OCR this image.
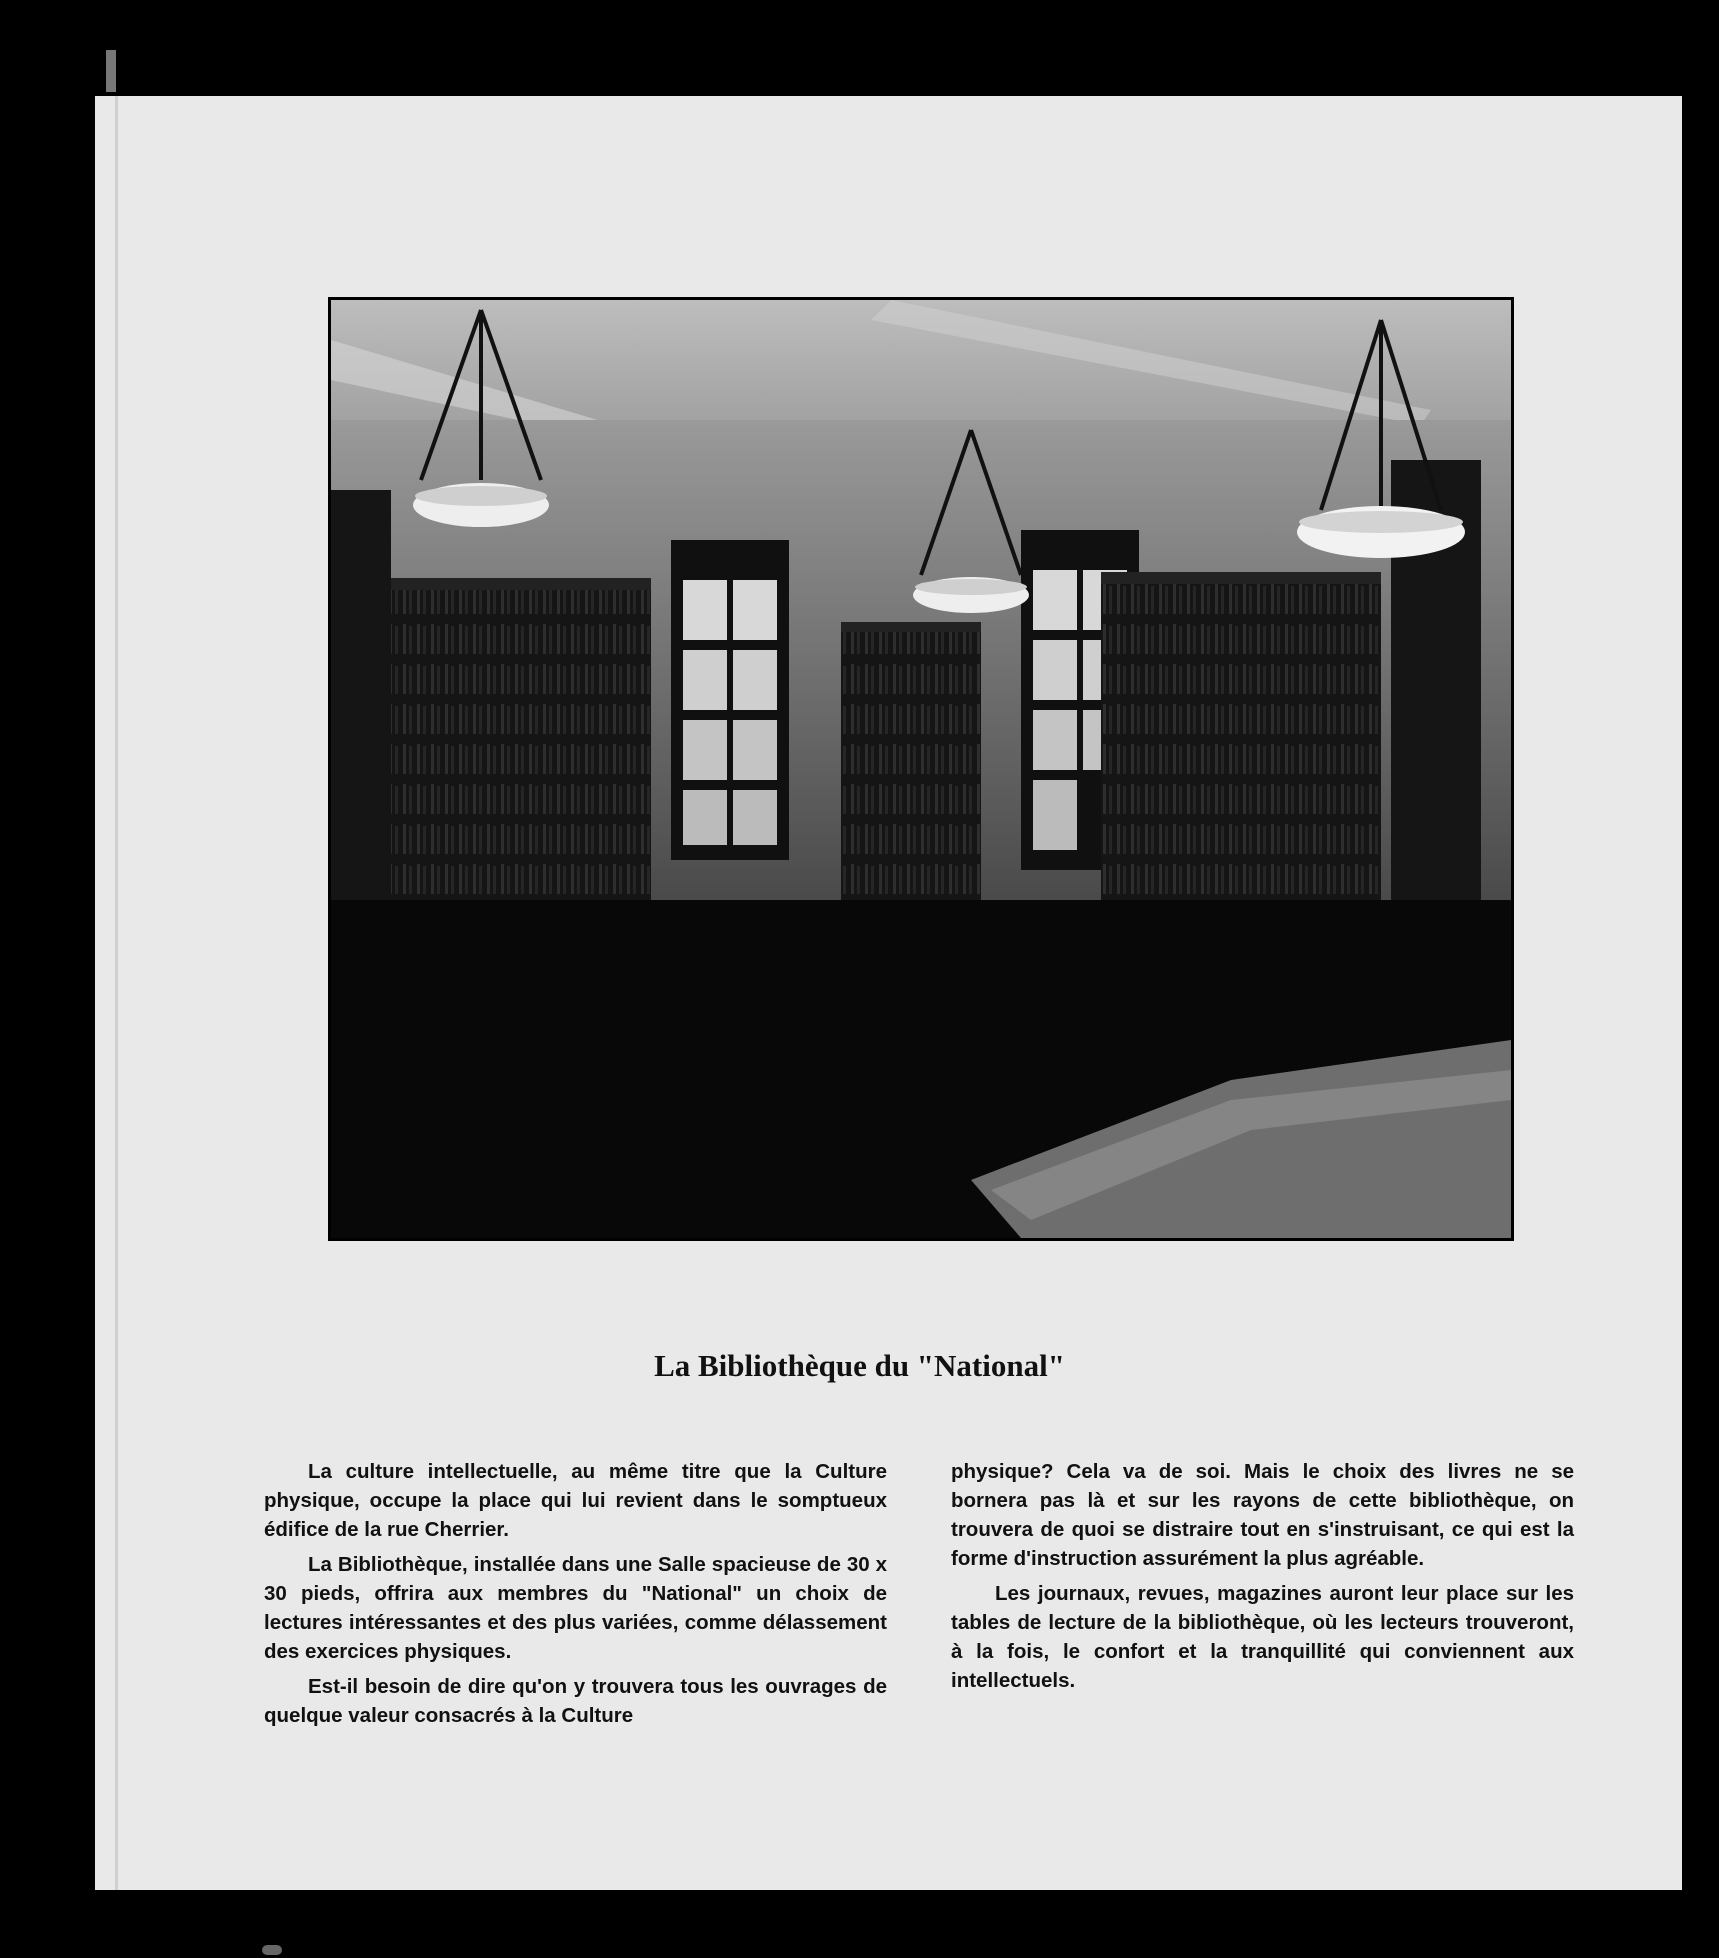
La Bibliothèque du "National"

La culture intellectuelle, au même titre que la Culture physique, occupe la place qui lui revient dans le somptueux édifice de la rue Cherrier.

La Bibliothèque, installée dans une Salle spacieuse de 30 x 30 pieds, offrira aux membres du "National" un choix de lectures intéressantes et des plus variées, comme délassement des exercices physiques.

Est-il besoin de dire qu'on y trouvera tous les ouvrages de quelque valeur consacrés à la Culture

physique? Cela va de soi. Mais le choix des livres ne se bornera pas là et sur les rayons de cette bibliothèque, on trouvera de quoi se distraire tout en s'instruisant, ce qui est la forme d'instruction assurément la plus agréable.

Les journaux, revues, magazines auront leur place sur les tables de lecture de la bibliothèque, où les lecteurs trouveront, à la fois, le confort et la tranquillité qui conviennent aux intellectuels.
